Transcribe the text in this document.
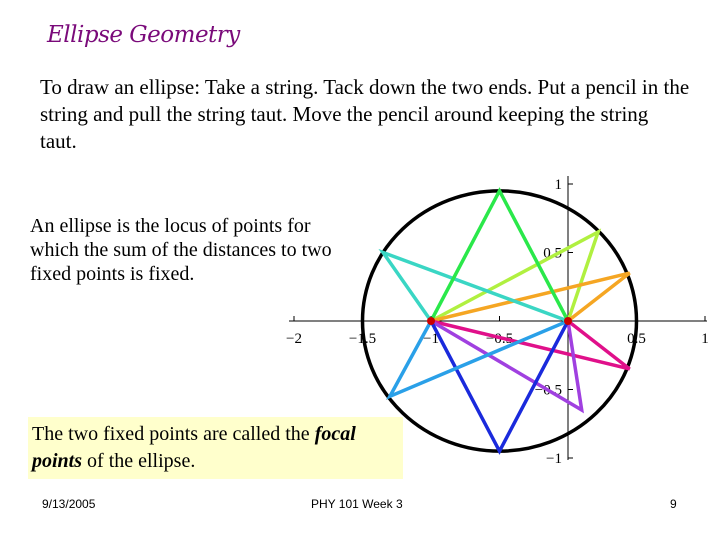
Ellipse Geometry
To draw an ellipse: Take a string. Tack down the two ends. Put a pencil in the string and pull the string taut. Move the pencil around keeping the string taut.
−2	−1.5	−1	−0.5	0.5	1
1
0.5
−0.5
−1
An ellipse is the locus of points for which the sum of the distances to two fixed points is fixed.
The two fixed points are called the focal points of the ellipse.
9/13/2005	PHY 101 Week 3	9
